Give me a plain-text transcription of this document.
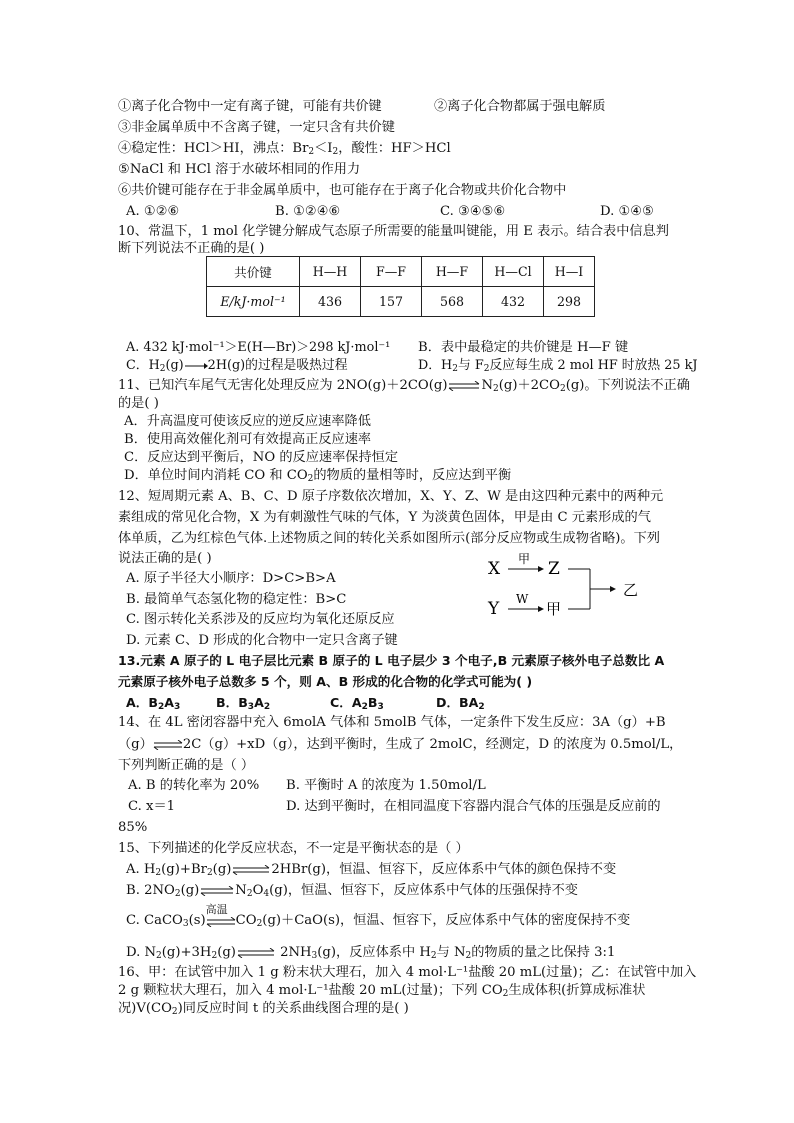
①离子化合物中一定有离子键，可能有共价键	②离子化合物都属于强电解质
③非金属单质中不含离子键，一定只含有共价键
④稳定性：HCl＞HI，沸点：$Br_2<I_2$，酸性：HF＞HCl
⑤NaCl 和 HCl 溶于水破坏相同的作用力
⑥共价键可能存在于非金属单质中，也可能存在于离子化合物或共价化合物中
A. ①②⑥	B. ①②④⑥	C. ③④⑤⑥	D. ①④⑤
10、常温下，1 mol 化学键分解成气态原子所需要的能量叫键能，用 E 表示。结合表中信息判
断下列说法不正确的是( )
共价键	H—H	F—F	H—F	H—Cl	H—I
E/kJ·mol⁻¹	436	157	568	432	298
A. 432 kJ·mol⁻¹＞E(H—Br)＞298 kJ·mol⁻¹ B．表中最稳定的共价键是 H—F 键
C．$H_2(g)$ 2H(g)的过程是吸热过程	D．$H_2$与 $F_2$反应每生成 2 mol HF 时放热 25 kJ
11、已知汽车尾气无害化处理反应为 $2NO(g)+2CO(g)\rightleftharpoons N_2(g)+2CO_2(g)$。下列说法不正确
的是( )
A．升高温度可使该反应的逆反应速率降低
B．使用高效催化剂可有效提高正反应速率
C．反应达到平衡后，NO 的反应速率保持恒定
D．单位时间内消耗 CO 和 $CO_2$的物质的量相等时，反应达到平衡
12、短周期元素 A、B、C、D 原子序数依次增加，X、Y、Z、W 是由这四种元素中的两种元
素组成的常见化合物，X 为有刺激性气味的气体，Y 为淡黄色固体，甲是由 C 元素形成的气
体单质，乙为红棕色气体.上述物质之间的转化关系如图所示(部分反应物或生成物省略)。下列
说法正确的是( )
A. 原子半径大小顺序：D>C>B>A
B. 最简单气态氢化物的稳定性：B>C
C. 图示转化关系涉及的反应均为氧化还原反应
D. 元素 C、D 形成的化合物中一定只含离子键
X 甲 Z
Y W
甲
乙
13.元素 A 原子的 L 电子层比元素 B 原子的 L 电子层少 3 个电子,B 元素原子核外电子总数比 A
元素原子核外电子总数多 5 个，则 A、B 形成的化合物的化学式可能为( )
A．$B_2A_3$	B．$B_3A_2$	C．$A_2B_3$	D．$BA_2$
14、在 4L 密闭容器中充入 6molA 气体和 5molB 气体，一定条件下发生反应：3A（g）+B
（g）⇌2C（g）+xD（g），达到平衡时，生成了 2molC，经测定，D 的浓度为 0.5mol/L，
下列判断正确的是（ ）
A. B 的转化率为 20% B. 平衡时 A 的浓度为 1.50mol/L
C. x＝1	D. 达到平衡时，在相同温度下容器内混合气体的压强是反应前的
85%
15、下列描述的化学反应状态，不一定是平衡状态的是（ ）
A. $H_2(g)+Br_2(g)\rightleftharpoons 2HBr(g)$，恒温、恒容下，反应体系中气体的颜色保持不变
B. $2NO_2(g)\rightleftharpoons N_2O_4(g)$，恒温、恒容下，反应体系中气体的压强保持不变
C. CaCO$_3$(s)
高温
$CO_2(g)+CaO(s)$，恒温、恒容下，反应体系中气体的密度保持不变
D. $N_2(g)+3H_2(g)\rightleftharpoons$ $2NH_3(g)$，反应体系中 $H_2$与 $N_2$的物质的量之比保持 3:1
16、甲：在试管中加入 1 g 粉末状大理石，加入 4 mol·L⁻¹盐酸 20 mL(过量)；乙：在试管中加入
2 g 颗粒状大理石，加入 4 mol·L⁻¹盐酸 20 mL(过量)；下列 $CO_2$生成体积(折算成标准状
况)$V(CO_2)$同反应时间 t 的关系曲线图合理的是( )
